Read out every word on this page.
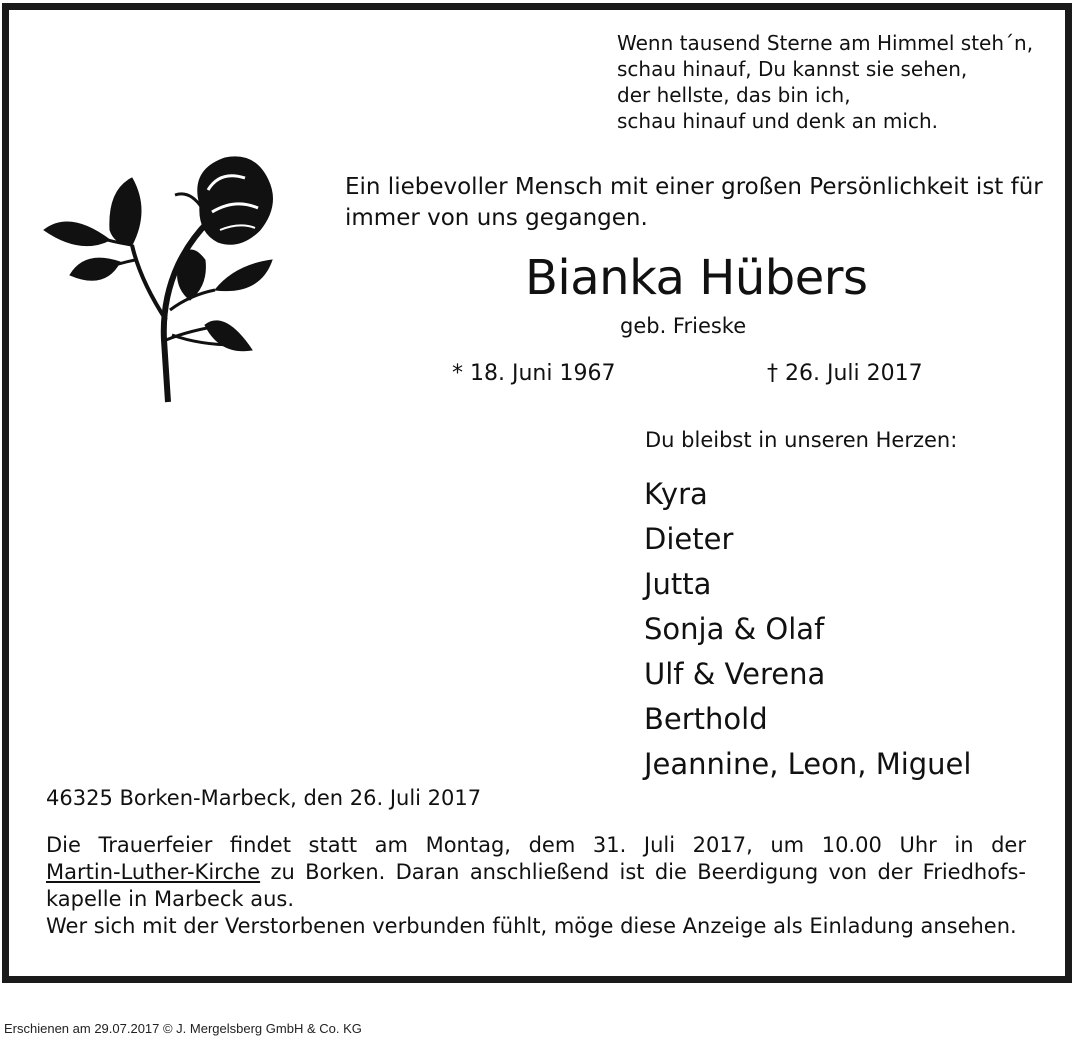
Wenn tausend Sterne am Himmel steh´n,
schau hinauf, Du kannst sie sehen,
der hellste, das bin ich,
schau hinauf und denk an mich.
Ein liebevoller Mensch mit einer großen Persönlichkeit ist für
immer von uns gegangen.
Bianka Hübers
geb. Frieske
* 18. Juni 1967	† 26. Juli 2017
Du bleibst in unseren Herzen:
Kyra
Dieter
Jutta
Sonja & Olaf
Ulf & Verena
Berthold
Jeannine, Leon, Miguel
46325 Borken-Marbeck, den 26. Juli 2017
Die Trauerfeier findet statt am Montag, dem 31. Juli 2017, um 10.00 Uhr in der
Martin-Luther-Kirche zu Borken. Daran anschließend ist die Beerdigung von der Friedhofs-
kapelle in Marbeck aus.
Wer sich mit der Verstorbenen verbunden fühlt, möge diese Anzeige als Einladung ansehen.
Erschienen am 29.07.2017 © J. Mergelsberg GmbH & Co. KG
